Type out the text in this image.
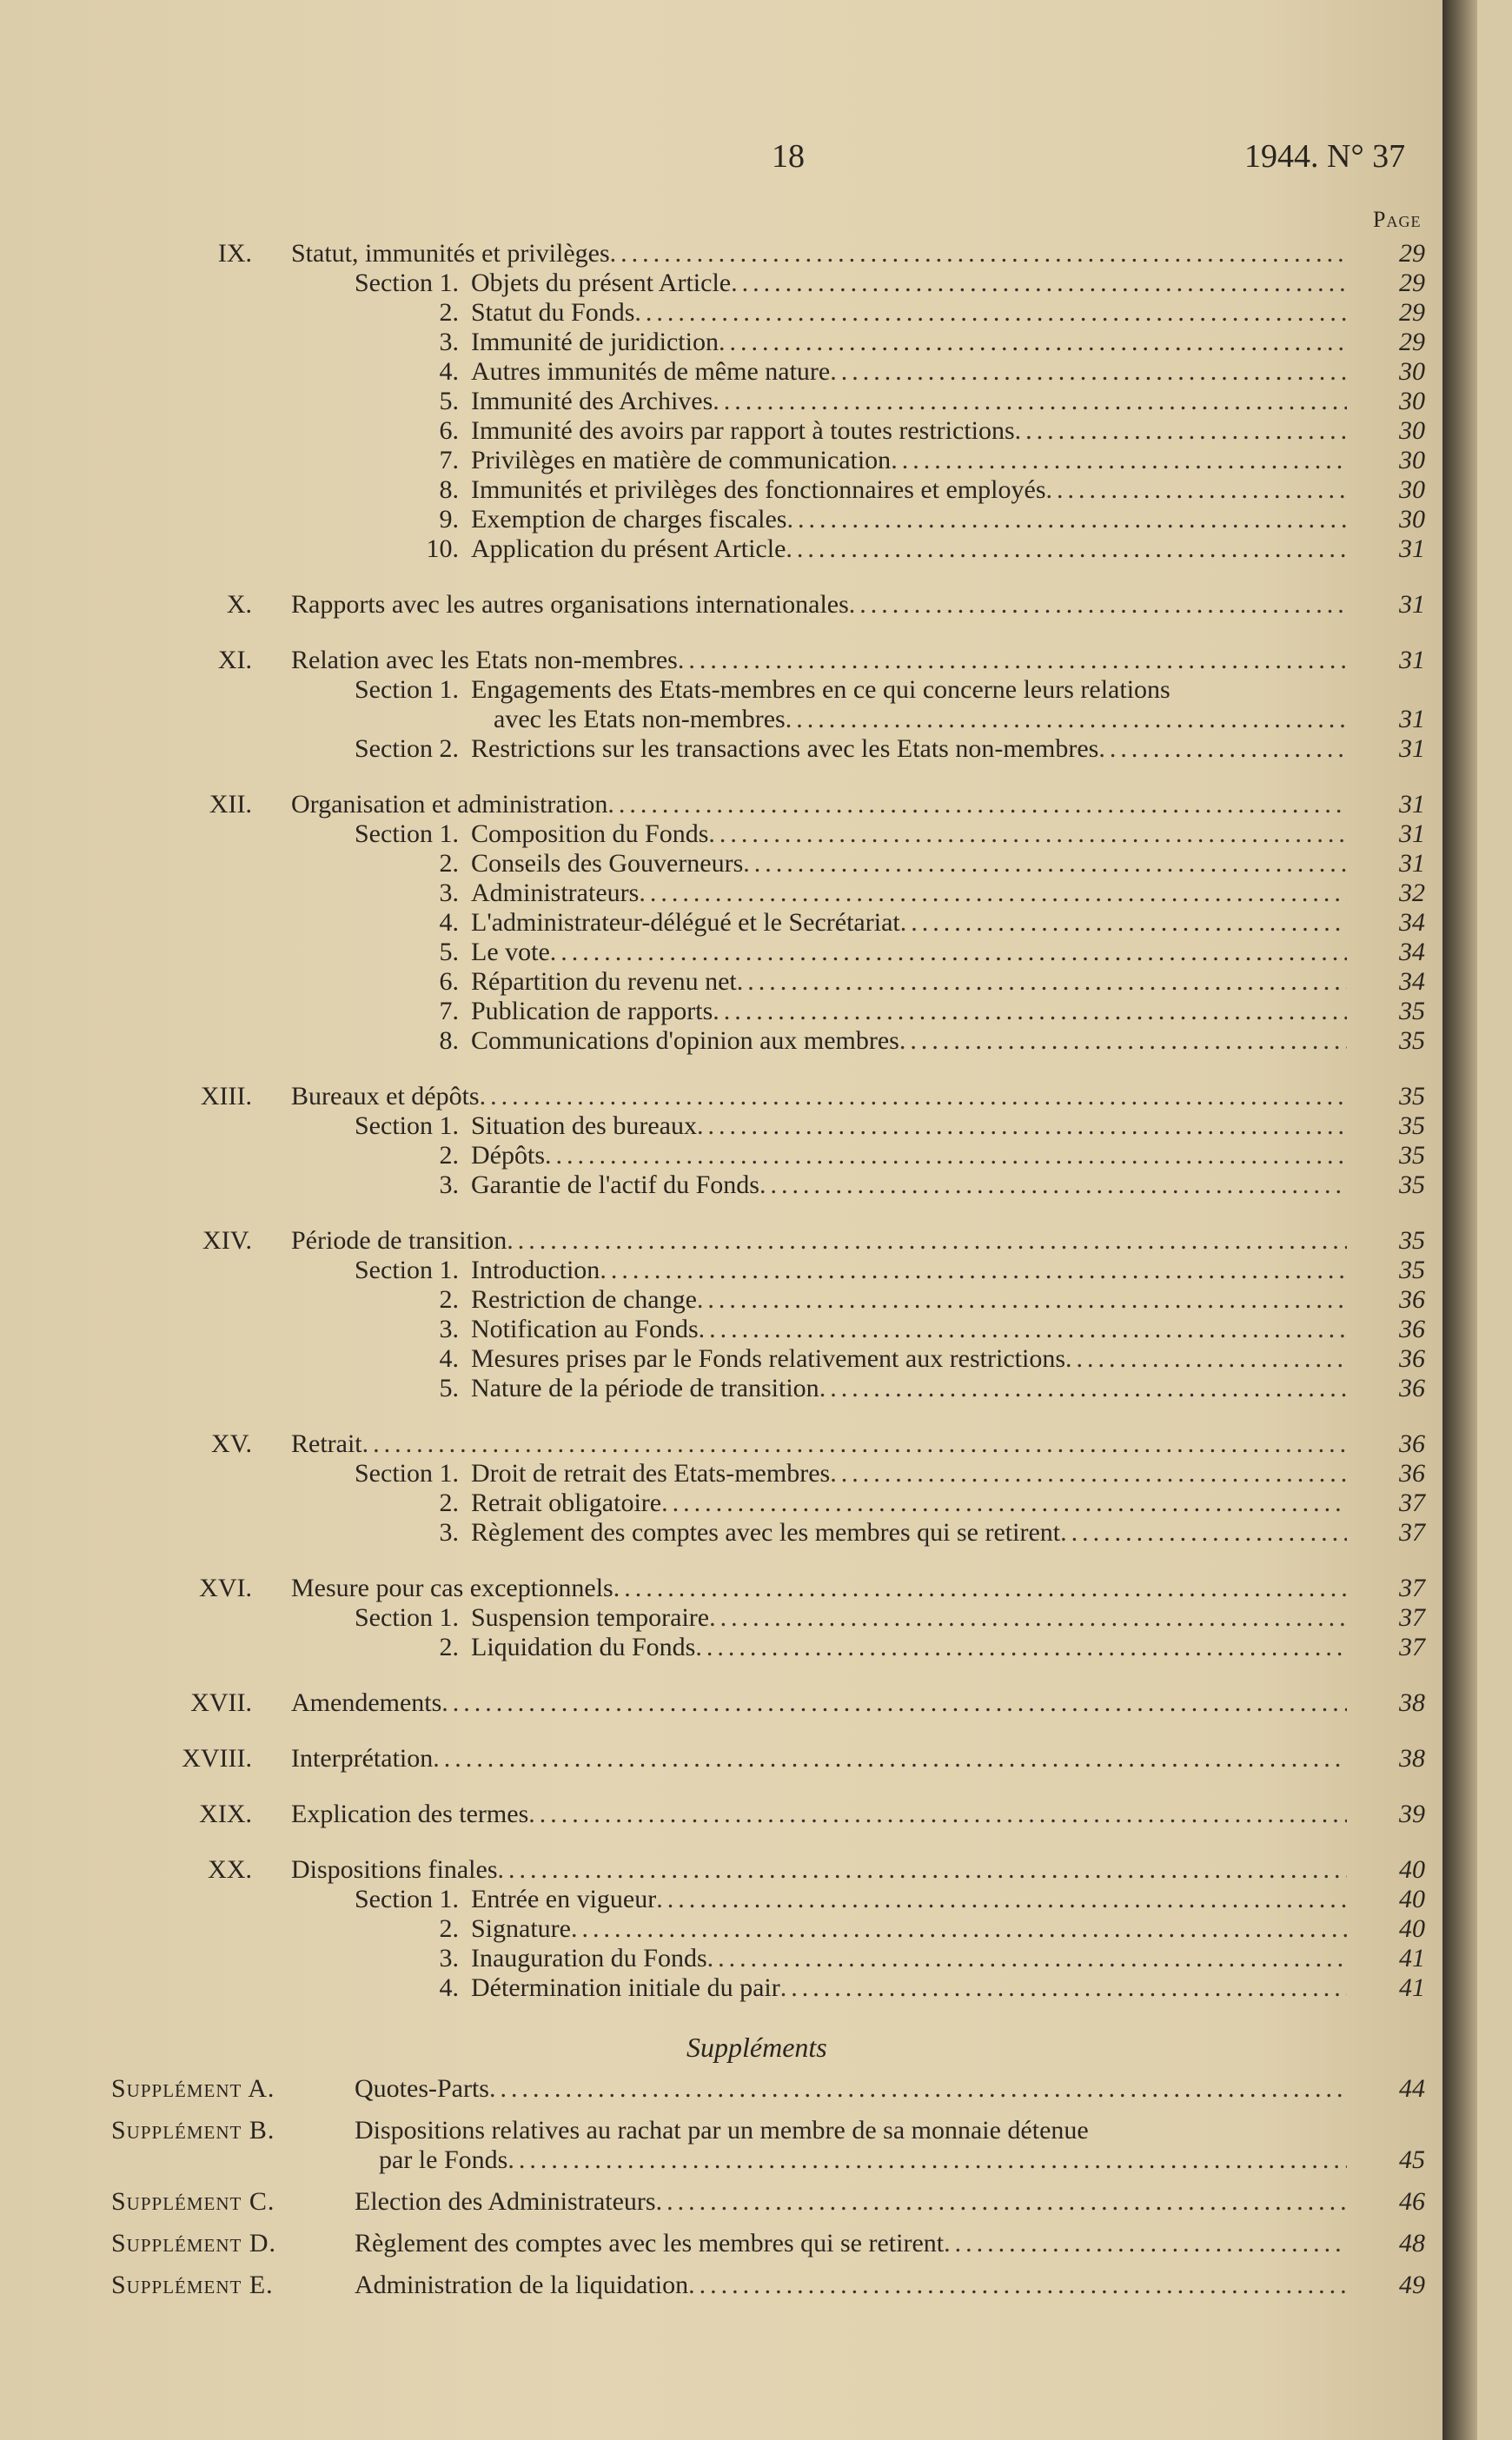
18	1944. N° 37
Page
IX. Statut, immunités et privilèges .....	29
Section 1. Objets du présent Article .....	29
2. Statut du Fonds .....	29
3. Immunité de juridiction .....	29
4. Autres immunités de même nature .....	30
5. Immunité des Archives .....	30
6. Immunité des avoirs par rapport à toutes restrictions .....	30
7. Privilèges en matière de communication .....	30
8. Immunités et privilèges des fonctionnaires et employés .....	30
9. Exemption de charges fiscales .....	30
10. Application du présent Article .....	31
X. Rapports avec les autres organisations internationales .....	31
XI. Relation avec les Etats non-membres .....	31
Section 1. Engagements des Etats-membres en ce qui concerne leurs relations
avec les Etats non-membres .....	31
Section 2. Restrictions sur les transactions avec les Etats non-membres .....	31
XII. Organisation et administration .....	31
Section 1. Composition du Fonds .....	31
2. Conseils des Gouverneurs .....	31
3. Administrateurs .....	32
4. L'administrateur-délégué et le Secrétariat .....	34
5. Le vote .....	34
6. Répartition du revenu net .....	34
7. Publication de rapports .....	35
8. Communications d'opinion aux membres .....	35
XIII. Bureaux et dépôts .....	35
Section 1. Situation des bureaux .....	35
2. Dépôts .....	35
3. Garantie de l'actif du Fonds .....	35
XIV. Période de transition .....	35
Section 1. Introduction .....	35
2. Restriction de change .....	36
3. Notification au Fonds .....	36
4. Mesures prises par le Fonds relativement aux restrictions .....	36
5. Nature de la période de transition .....	36
XV. Retrait .....	36
Section 1. Droit de retrait des Etats-membres .....	36
2. Retrait obligatoire .....	37
3. Règlement des comptes avec les membres qui se retirent .....	37
XVI. Mesure pour cas exceptionnels .....	37
Section 1. Suspension temporaire .....	37
2. Liquidation du Fonds .....	37
XVII. Amendements .....	38
XVIII. Interprétation .....	38
XIX. Explication des termes .....	39
XX. Dispositions finales .....	40
Section 1. Entrée en vigueur .....	40
2. Signature .....	40
3. Inauguration du Fonds .....	41
4. Détermination initiale du pair .....	41
Suppléments
Supplément A.	Quotes-Parts .....	44
Supplément B.	Dispositions relatives au rachat par un membre de sa monnaie détenue
par le Fonds .....	45
Supplément C.	Election des Administrateurs .....	46
Supplément D.	Règlement des comptes avec les membres qui se retirent .....	48
Supplément E.	Administration de la liquidation .....	49
